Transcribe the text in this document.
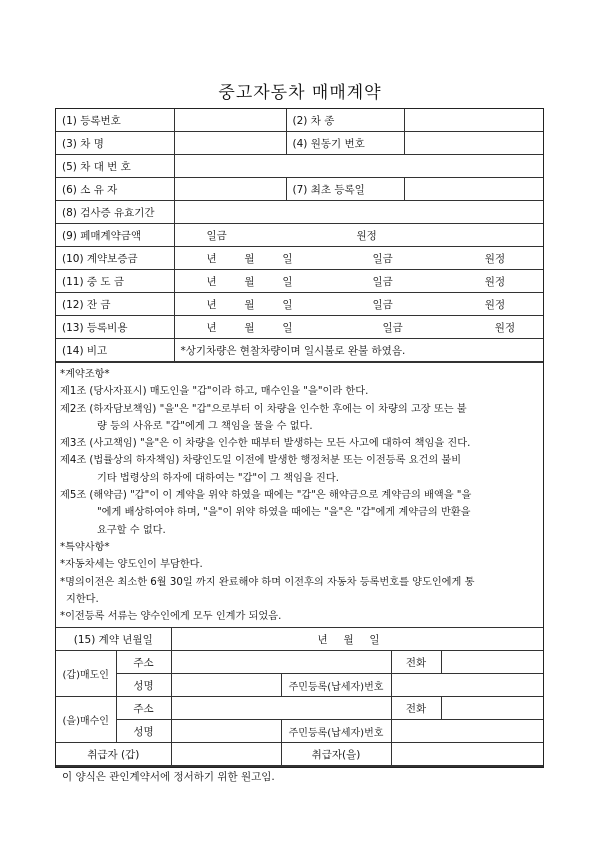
중고자동차 매매계약
(1) 등록번호		(2) 차 종	
(3) 차 명		(4) 원동기 번호	
(5) 차 대 번 호			
(6) 소 유 자		(7) 최초 등록일	
(8) 검사증 유효기간			
(9) 페매계약금액	일금 원정		
(10) 계약보증금	년 월 일 일금 원정		

(11) 중 도 금	년 월 일 일금 원정		

(12) 잔 금	년 월 일 일금 원정		

(13) 등록비용	년 월 일 일금 원정		

(14) 비고	*상기차량은 현찰차량이며 일시불로 완불 하였음.		
*계약조항*
제1조 (당사자표시) 매도인을 "갑"이라 하고, 매수인을 "을"이라 한다.
제2조 (하자담보책임) "을"은 "갑"으로부터 이 차량을 인수한 후에는 이 차량의 고장 또는 불
량 등의 사유로 "갑"에게 그 책임을 물을 수 없다.
제3조 (사고책임) "을"은 이 차량을 인수한 때부터 발생하는 모든 사고에 대하여 책임을 진다.
제4조 (법률상의 하자책임) 차량인도일 이전에 발생한 행정처분 또는 이전등록 요건의 불비
기타 법령상의 하자에 대하여는 "갑"이 그 책임을 진다.
제5조 (해약금) "갑"이 이 계약을 위약 하였을 때에는 "갑"은 해약금으로 계약금의 배액을 "을
"에게 배상하여야 하며, "을"이 위약 하였을 때에는 "을"은 "갑"에게 계약금의 반환을
요구할 수 없다.
*특약사항*
*자동차세는 양도인이 부담한다.
*명의이전은 최소한 6월 30일 까지 완료해야 하며 이전후의 자동차 등록번호를 양도인에게 통
지한다.
*이전등록 서류는 양수인에게 모두 인계가 되었음.
(15) 계약 년월일		년 월 일			

(갑)매도인	주소			전화	
	성명		주민등록(납세자)번호		
(을)매수인	주소			전화	
	성명		주민등록(납세자)번호		
취급자 (갑)			취급자(을)		
이 양식은 관인계약서에 정서하기 위한 원고임.
